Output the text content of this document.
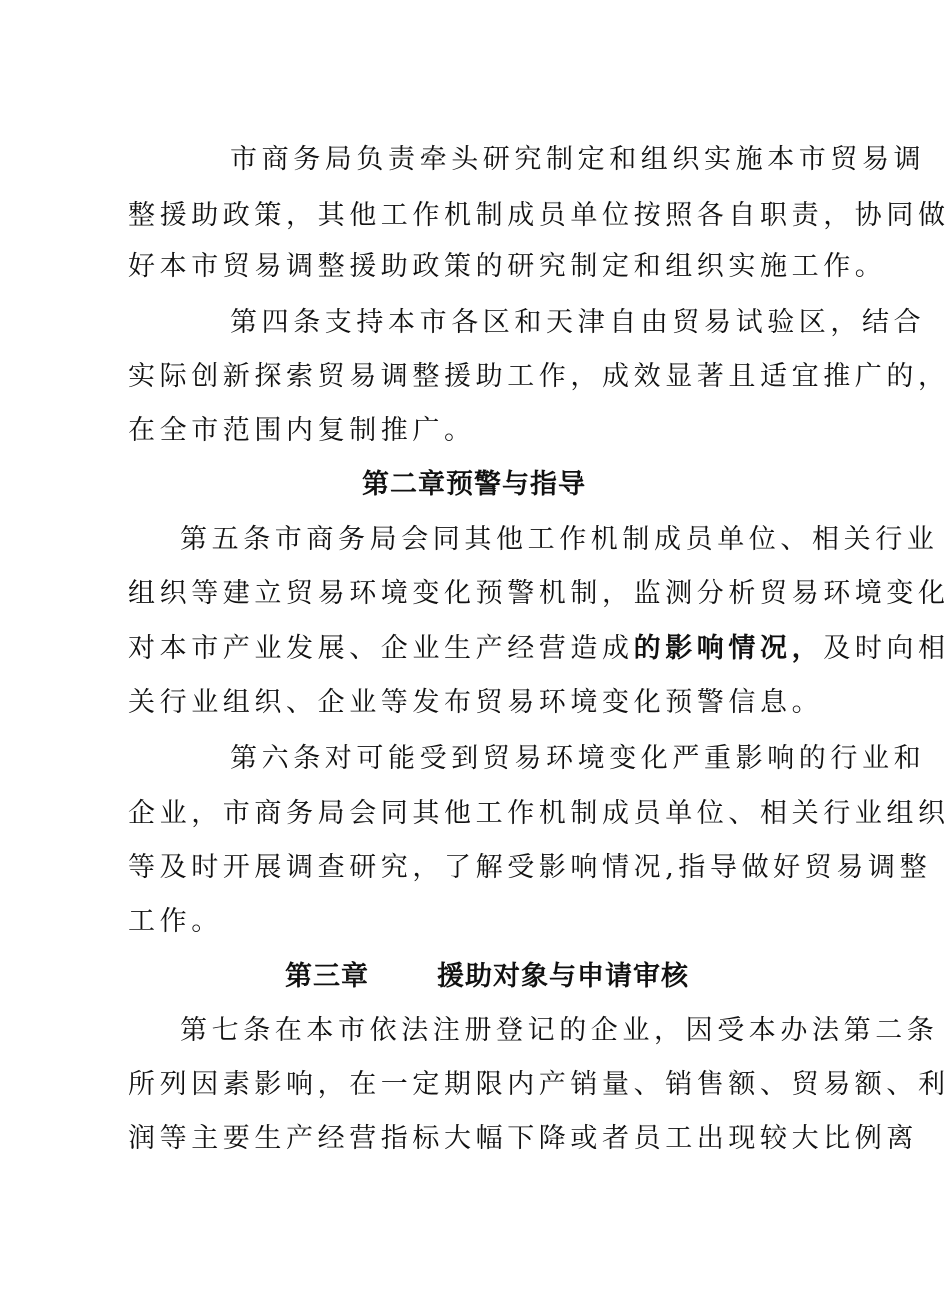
市商务局负责牵头研究制定和组织实施本市贸易调
整援助政策，其他工作机制成员单位按照各自职责，协同做
好本市贸易调整援助政策的研究制定和组织实施工作。
第四条支持本市各区和天津自由贸易试验区，结合
实际创新探索贸易调整援助工作，成效显著且适宜推广的，
在全市范围内复制推广。
第二章预警与指导
第五条市商务局会同其他工作机制成员单位、相关行业
组织等建立贸易环境变化预警机制，监测分析贸易环境变化
对本市产业发展、企业生产经营造成的影响情况，及时向相
关行业组织、企业等发布贸易环境变化预警信息。
第六条对可能受到贸易环境变化严重影响的行业和
企业，市商务局会同其他工作机制成员单位、相关行业组织
等及时开展调查研究，了解受影响情况,指导做好贸易调整
工作。
第三章	援助对象与申请审核
第七条在本市依法注册登记的企业，因受本办法第二条
所列因素影响，在一定期限内产销量、销售额、贸易额、利
润等主要生产经营指标大幅下降或者员工出现较大比例离
